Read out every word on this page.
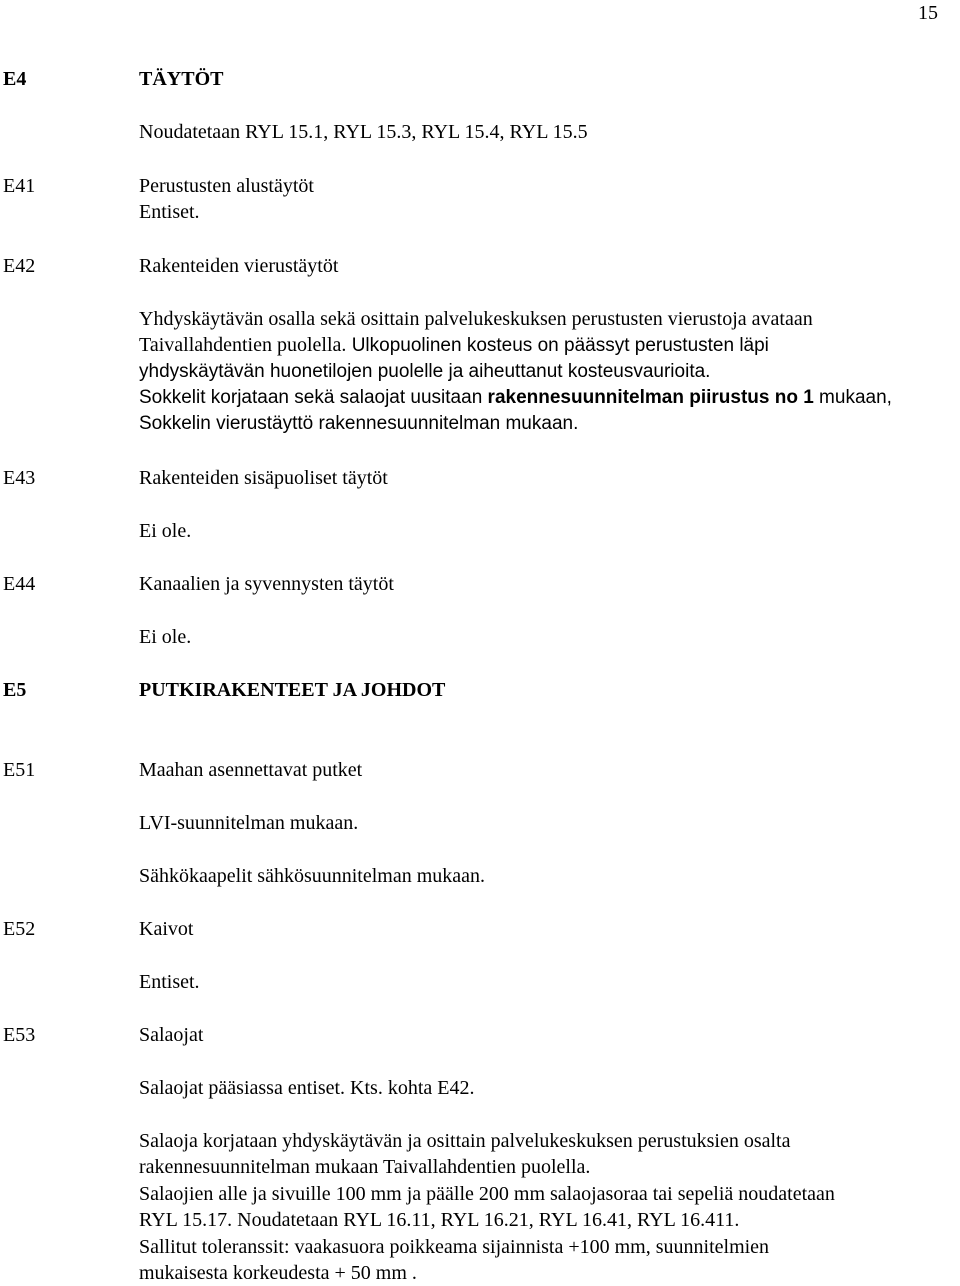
15
E4	TÄYTÖT
Noudatetaan RYL 15.1, RYL 15.3, RYL 15.4, RYL 15.5
E41	Perustusten alustäytöt
Entiset.
E42	Rakenteiden vierustäytöt
Yhdyskäytävän osalla sekä osittain palvelukeskuksen perustusten vierustoja avataan
Taivallahdentien puolella. Ulkopuolinen kosteus on päässyt perustusten läpi
yhdyskäytävän huonetilojen puolelle ja aiheuttanut kosteusvaurioita.
Sokkelit korjataan sekä salaojat uusitaan rakennesuunnitelman piirustus no 1 mukaan,
Sokkelin vierustäyttö rakennesuunnitelman mukaan.
E43	Rakenteiden sisäpuoliset täytöt
Ei ole.
E44	Kanaalien ja syvennysten täytöt
Ei ole.
E5	PUTKIRAKENTEET JA JOHDOT
E51	Maahan asennettavat putket
LVI-suunnitelman mukaan.
Sähkökaapelit sähkösuunnitelman mukaan.
E52	Kaivot
Entiset.
E53	Salaojat
Salaojat pääsiassa entiset. Kts. kohta E42.
Salaoja korjataan yhdyskäytävän ja osittain palvelukeskuksen perustuksien osalta
rakennesuunnitelman mukaan Taivallahdentien puolella.
Salaojien alle ja sivuille 100 mm ja päälle 200 mm salaojasoraa tai sepeliä noudatetaan
RYL 15.17. Noudatetaan RYL 16.11, RYL 16.21, RYL 16.41, RYL 16.411.
Sallitut toleranssit: vaakasuora poikkeama sijainnista +100 mm, suunnitelmien
mukaisesta korkeudesta + 50 mm .
